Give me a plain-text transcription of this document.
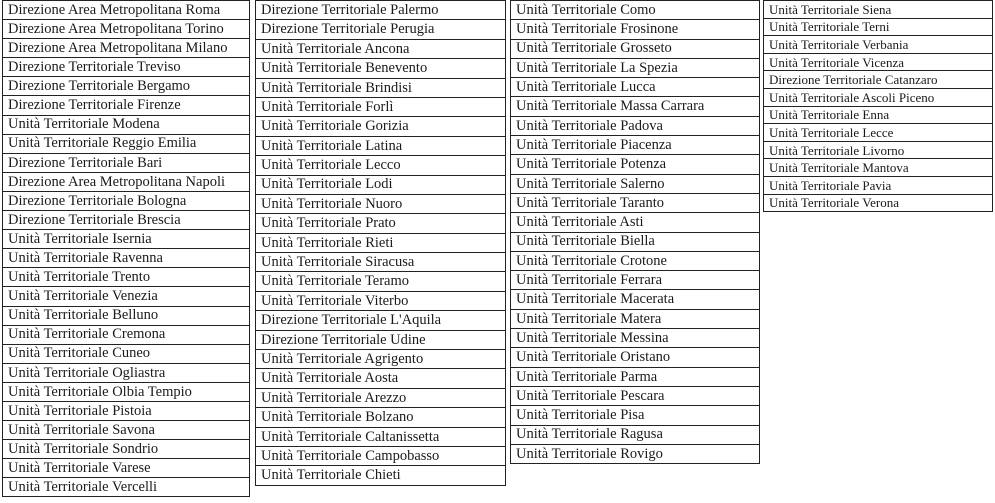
Direzione Area Metropolitana Roma
Direzione Area Metropolitana Torino
Direzione Area Metropolitana Milano
Direzione Territoriale Treviso
Direzione Territoriale Bergamo
Direzione Territoriale Firenze
Unità Territoriale Modena
Unità Territoriale Reggio Emilia
Direzione Territoriale Bari
Direzione Area Metropolitana Napoli
Direzione Territoriale Bologna
Direzione Territoriale Brescia
Unità Territoriale Isernia
Unità Territoriale Ravenna
Unità Territoriale Trento
Unità Territoriale Venezia
Unità Territoriale Belluno
Unità Territoriale Cremona
Unità Territoriale Cuneo
Unità Territoriale Ogliastra
Unità Territoriale Olbia Tempio
Unità Territoriale Pistoia
Unità Territoriale Savona
Unità Territoriale Sondrio
Unità Territoriale Varese
Unità Territoriale Vercelli
Direzione Territoriale Palermo
Direzione Territoriale Perugia
Unità Territoriale Ancona
Unità Territoriale Benevento
Unità Territoriale Brindisi
Unità Territoriale Forlì
Unità Territoriale Gorizia
Unità Territoriale Latina
Unità Territoriale Lecco
Unità Territoriale Lodi
Unità Territoriale Nuoro
Unità Territoriale Prato
Unità Territoriale Rieti
Unità Territoriale Siracusa
Unità Territoriale Teramo
Unità Territoriale Viterbo
Direzione Territoriale L'Aquila
Direzione Territoriale Udine
Unità Territoriale Agrigento
Unità Territoriale Aosta
Unità Territoriale Arezzo
Unità Territoriale Bolzano
Unità Territoriale Caltanissetta
Unità Territoriale Campobasso
Unità Territoriale Chieti
Unità Territoriale Como
Unità Territoriale Frosinone
Unità Territoriale Grosseto
Unità Territoriale La Spezia
Unità Territoriale Lucca
Unità Territoriale Massa Carrara
Unità Territoriale Padova
Unità Territoriale Piacenza
Unità Territoriale Potenza
Unità Territoriale Salerno
Unità Territoriale Taranto
Unità Territoriale Asti
Unità Territoriale Biella
Unità Territoriale Crotone
Unità Territoriale Ferrara
Unità Territoriale Macerata
Unità Territoriale Matera
Unità Territoriale Messina
Unità Territoriale Oristano
Unità Territoriale Parma
Unità Territoriale Pescara
Unità Territoriale Pisa
Unità Territoriale Ragusa
Unità Territoriale Rovigo
Unità Territoriale Siena
Unità Territoriale Terni
Unità Territoriale Verbania
Unità Territoriale Vicenza
Direzione Territoriale Catanzaro
Unità Territoriale Ascoli Piceno
Unità Territoriale Enna
Unità Territoriale Lecce
Unità Territoriale Livorno
Unità Territoriale Mantova
Unità Territoriale Pavia
Unità Territoriale Verona
